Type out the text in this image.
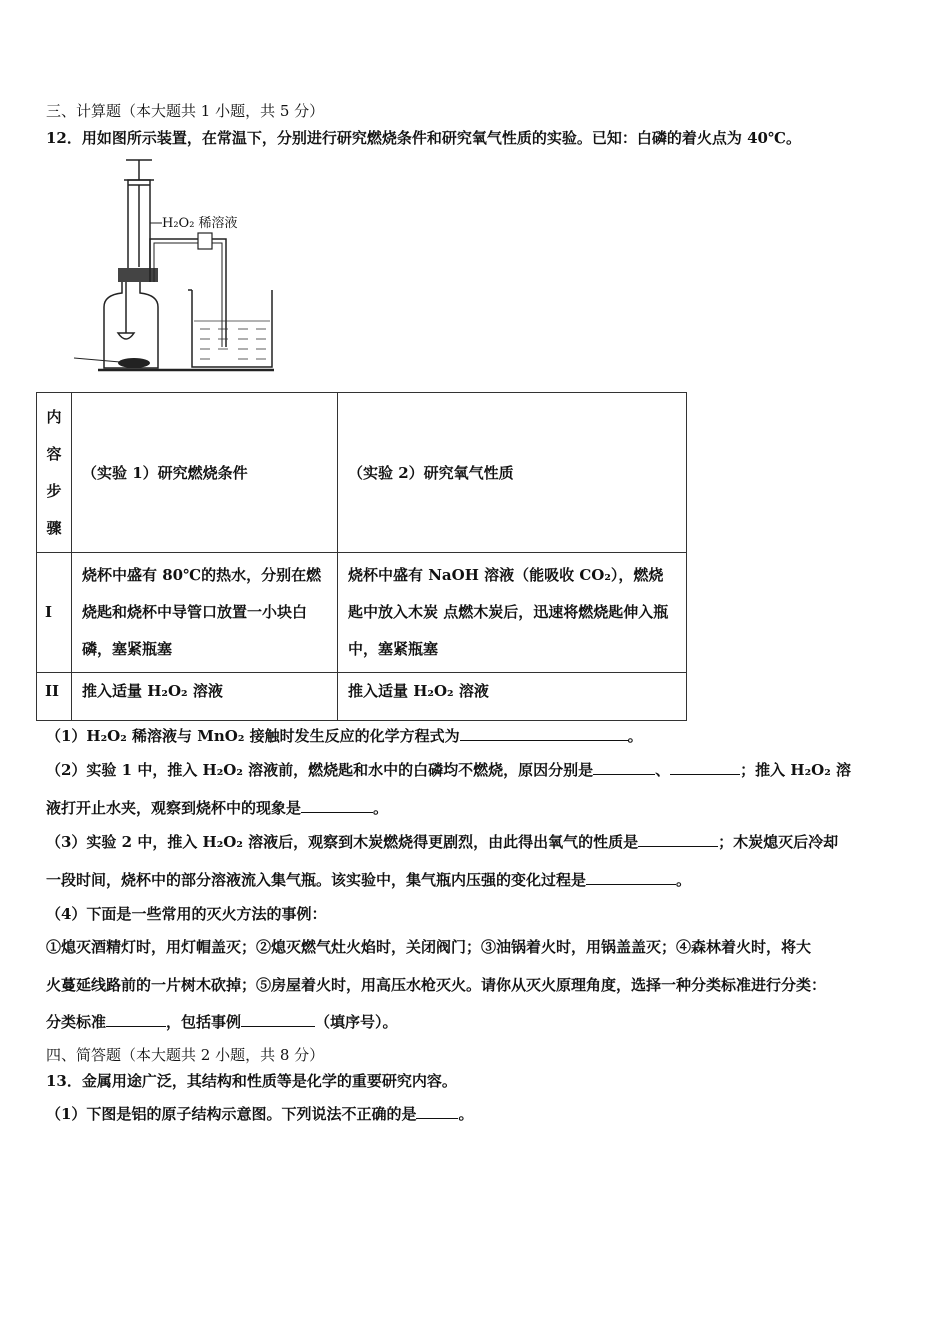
三、计算题（本大题共 1 小题，共 5 分）
12．用如图所示装置，在常温下，分别进行研究燃烧条件和研究氧气性质的实验。已知：白磷的着火点为 40℃。
H₂O₂ 稀溶液
内
容
步
骤	（实验 1）研究燃烧条件	（实验 2）研究氧气性质
I	烧杯中盛有 80℃的热水，分别在燃烧匙和烧杯中导管口放置一小块白磷，塞紧瓶塞	烧杯中盛有 NaOH 溶液（能吸收 CO₂），燃烧匙中放入木炭 点燃木炭后，迅速将燃烧匙伸入瓶中，塞紧瓶塞
II	推入适量 H₂O₂ 溶液	推入适量 H₂O₂ 溶液
（1）H₂O₂ 稀溶液与 MnO₂ 接触时发生反应的化学方程式为	。
（2）实验 1 中，推入 H₂O₂ 溶液前，燃烧匙和水中的白磷均不燃烧，原因分别是	、	；推入 H₂O₂ 溶
液打开止水夹，观察到烧杯中的现象是	。
（3）实验 2 中，推入 H₂O₂ 溶液后，观察到木炭燃烧得更剧烈，由此得出氧气的性质是	；木炭熄灭后冷却
一段时间，烧杯中的部分溶液流入集气瓶。该实验中，集气瓶内压强的变化过程是	。
（4）下面是一些常用的灭火方法的事例：
①熄灭酒精灯时，用灯帽盖灭；②熄灭燃气灶火焰时，关闭阀门；③油锅着火时，用锅盖盖灭；④森林着火时，将大
火蔓延线路前的一片树木砍掉；⑤房屋着火时，用高压水枪灭火。请你从灭火原理角度，选择一种分类标准进行分类：
分类标准	，包括事例	（填序号）。
四、简答题（本大题共 2 小题，共 8 分）
13．金属用途广泛，其结构和性质等是化学的重要研究内容。
（1）下图是铝的原子结构示意图。下列说法不正确的是	。
